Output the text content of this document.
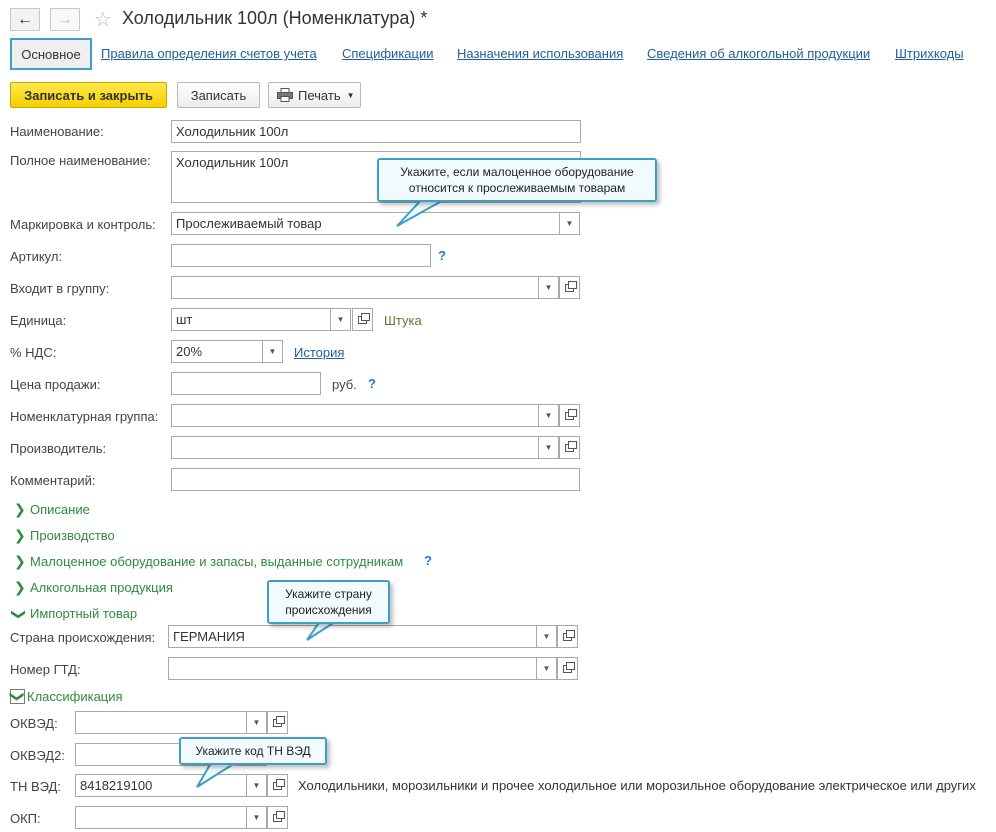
← → ☆ Холодильник 100л (Номенклатура) *
Основное Правила определения счетов учета Спецификации Назначения использования Сведения об алкогольной продукции Штрихкоды
Записать и закрыть	Записать	Печать ▼
Наименование:	Холодильник 100л
Полное наименование:	Холодильник 100л
Маркировка и контроль:	Прослеживаемый товар	▼
Артикул:	?
Входит в группу:	▼
Единица:	шт	▼	Штука
% НДС:	20%	▼ История
Цена продажи:	руб. ?
Номенклатурная группа:	▼
Производитель:	▼
Комментарий:
❯ Описание
❯ Производство
❯ Малоценное оборудование и запасы, выданные сотрудникам ?
❯ Алкогольная продукция
❯ Импортный товар
Страна происхождения:	ГЕРМАНИЯ	▼
Номер ГТД:	▼
❯ Классификация
ОКВЭД:	▼
ОКВЭД2:
ТН ВЭД:	8418219100	▼	Холодильники, морозильники и прочее холодильное или морозильное оборудование электрическое или других
ОКП:	▼
Укажите, если малоценное оборудование
относится к прослеживаемым товарам
Укажите страну
происхождения
Укажите код ТН ВЭД
